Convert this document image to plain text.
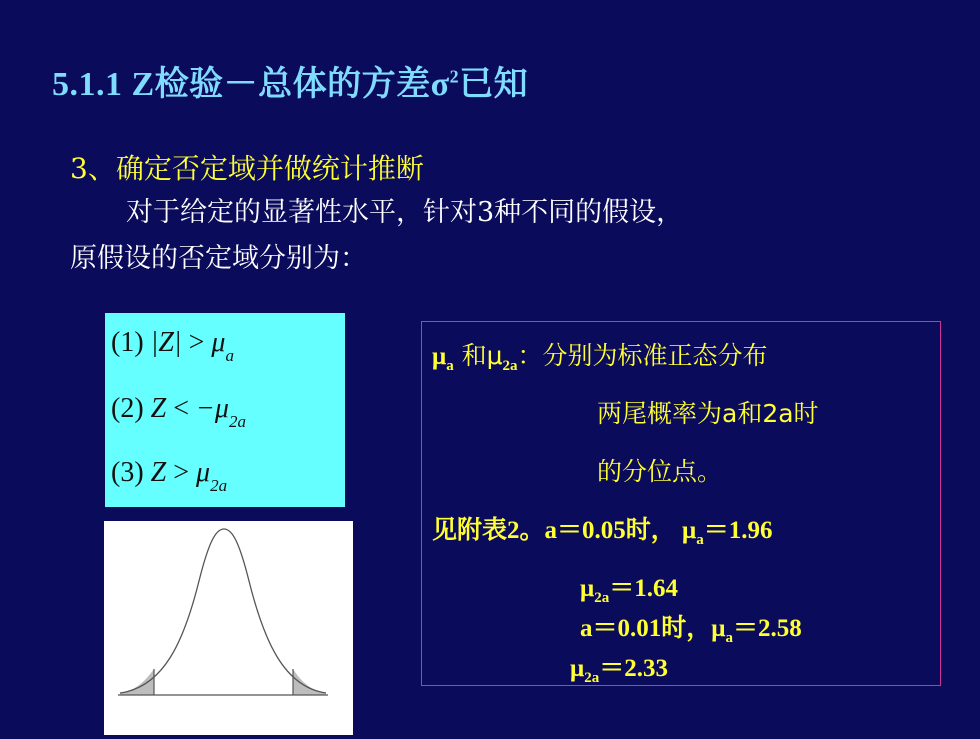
5.1.1 Z检验－总体的方差$\sigma^2$已知
3、确定否定域并做统计推断
对于给定的显著性水平，针对3种不同的假设，
原假设的否定域分别为：
(1) $|Z| > \mu_a$
(2) $Z < -\mu_{2a}$
(3) $Z > \mu_{2a}$
$\mu_a$ 和$\mu_{2a}$：分别为标准正态分布
两尾概率为a和2a时
的分位点。
见附表2。a＝0.05时， $\mu_a=1.96$
$\mu_{2a}=1.64$
a＝0.01时，$\mu_a=2.58$
$\mu_{2a}=2.33$
